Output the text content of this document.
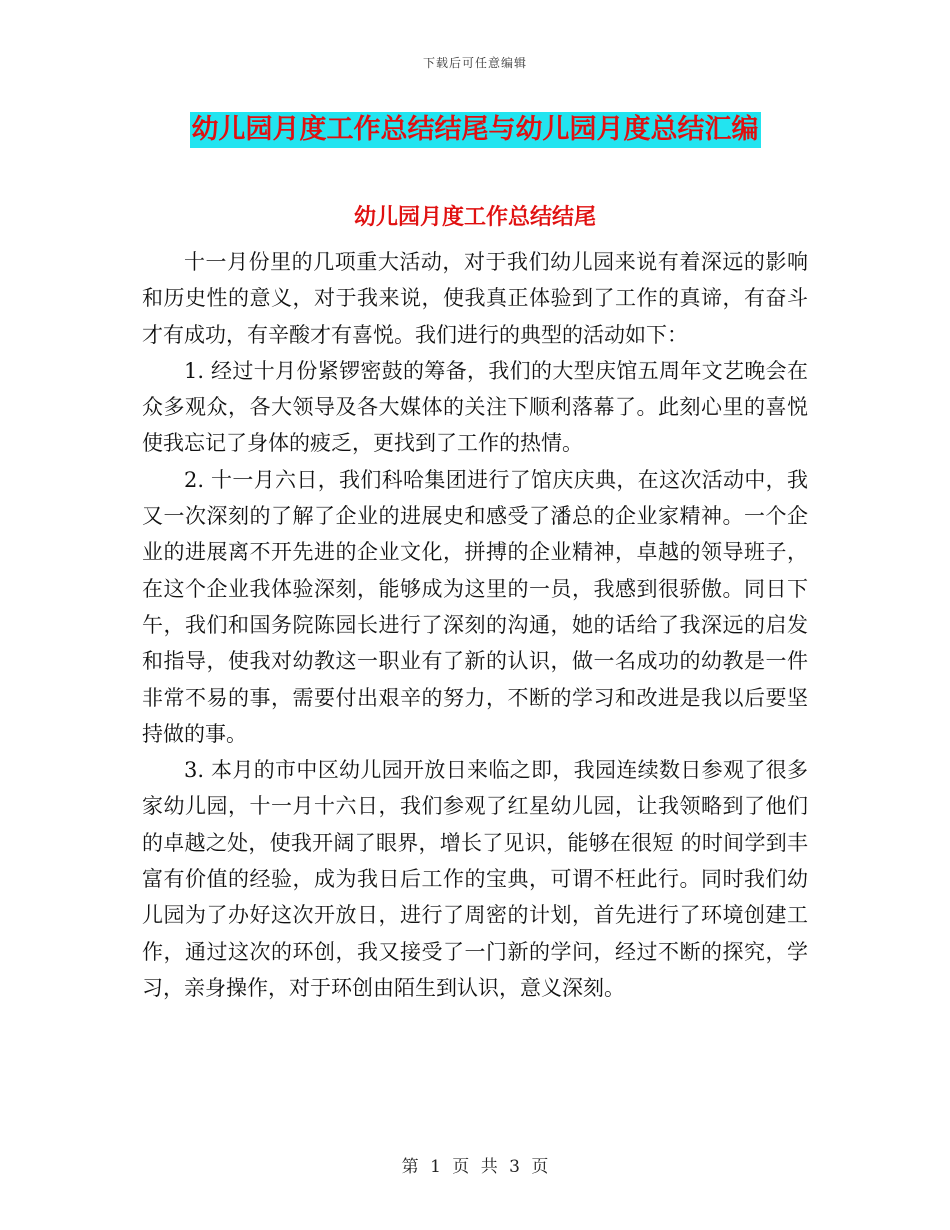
下载后可任意编辑
幼儿园月度工作总结结尾与幼儿园月度总结汇编
幼儿园月度工作总结结尾

十一月份里的几项重大活动，对于我们幼儿园来说有着深远的影响和历史性的意义，对于我来说，使我真正体验到了工作的真谛，有奋斗才有成功，有辛酸才有喜悦。我们进行的典型的活动如下：

1. 经过十月份紧锣密鼓的筹备，我们的大型庆馆五周年文艺晚会在众多观众，各大领导及各大媒体的关注下顺利落幕了。此刻心里的喜悦使我忘记了身体的疲乏，更找到了工作的热情。

2. 十一月六日，我们科哈集团进行了馆庆庆典，在这次活动中，我又一次深刻的了解了企业的进展史和感受了潘总的企业家精神。一个企业的进展离不开先进的企业文化，拼搏的企业精神，卓越的领导班子，在这个企业我体验深刻，能够成为这里的一员，我感到很骄傲。同日下午，我们和国务院陈园长进行了深刻的沟通，她的话给了我深远的启发和指导，使我对幼教这一职业有了新的认识，做一名成功的幼教是一件非常不易的事，需要付出艰辛的努力，不断的学习和改进是我以后要坚持做的事。

3. 本月的市中区幼儿园开放日来临之即，我园连续数日参观了很多家幼儿园，十一月十六日，我们参观了红星幼儿园，让我领略到了他们的卓越之处，使我开阔了眼界，增长了见识，能够在很短 的时间学到丰富有价值的经验，成为我日后工作的宝典，可谓不枉此行。同时我们幼儿园为了办好这次开放日，进行了周密的计划，首先进行了环境创建工作，通过这次的环创，我又接受了一门新的学问，经过不断的探究，学习，亲身操作，对于环创由陌生到认识，意义深刻。

第 1 页 共 3 页
